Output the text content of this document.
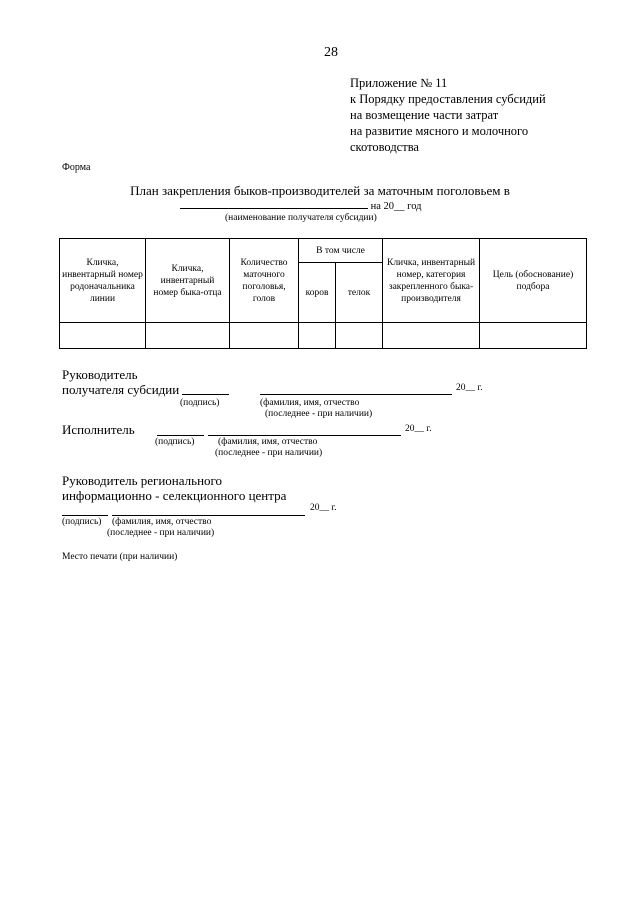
28
Приложение № 11
к Порядку предоставления субсидий
на возмещение части затрат
на развитие мясного и молочного
скотоводства
Форма
План закрепления быков-производителей за маточным поголовьем в
на 20__ год
(наименование получателя субсидии)
Кличка, инвентарный номер родоначальника линии	Кличка, инвентарный номер быка-отца	Количество маточного поголовья, голов	В том числе		Кличка, инвентарный номер, категория закрепленного быка-производителя	Цель (обоснование) подбора
			коров	телок		

Руководитель
получателя субсидии	20__ г.
(подпись)	(фамилия, имя, отчество
(последнее - при наличии)
Исполнитель	20__ г.
(подпись) (фамилия, имя, отчество
(последнее - при наличии)
Руководитель регионального
информационно - селекционного центра
20__ г.
(подпись) (фамилия, имя, отчество
(последнее - при наличии)
Место печати (при наличии)
